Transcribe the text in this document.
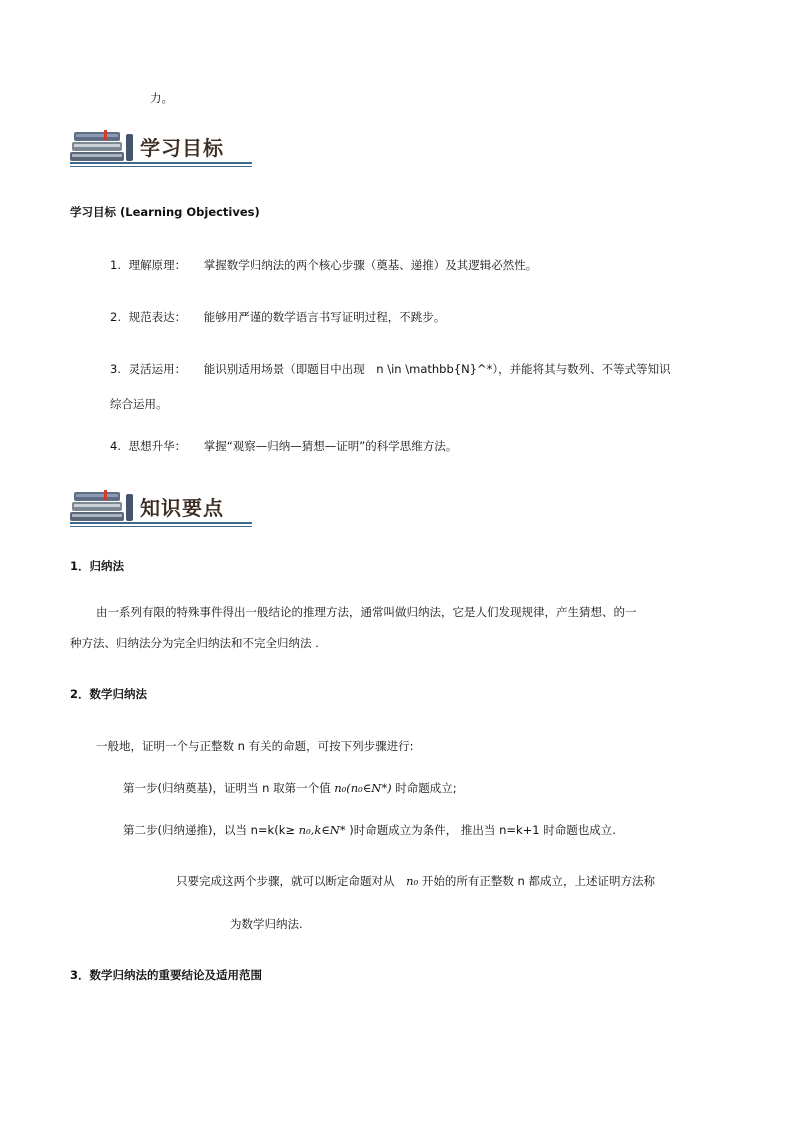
力。
学习目标
学习目标 (Learning Objectives)
1. 理解原理： 掌握数学归纳法的两个核心步骤（奠基、递推）及其逻辑必然性。
2. 规范表达： 能够用严谨的数学语言书写证明过程，不跳步。
3. 灵活运用： 能识别适用场景（即题目中出现　n \in \mathbb{N}^*），并能将其与数列、不等式等知识
综合运用。
4. 思想升华： 掌握“观察—归纳—猜想—证明”的科学思维方法。
知识要点
1．归纳法
由一系列有限的特殊事件得出一般结论的推理方法，通常叫做归纳法，它是人们发现规律，产生猜想、的一
种方法、归纳法分为完全归纳法和不完全归纳法 .
2．数学归纳法
一般地，证明一个与正整数 n 有关的命题，可按下列步骤进行:
第一步(归纳奠基)，证明当 n 取第一个值 n₀(n₀∈N*) 时命题成立;
第二步(归纳递推)，以当 n=k(k≥ n₀,k∈N* )时命题成立为条件， 推出当 n=k+1 时命题也成立.
只要完成这两个步骤，就可以断定命题对从 n₀ 开始的所有正整数 n 都成立，上述证明方法称
为数学归纳法.
3．数学归纳法的重要结论及适用范围
